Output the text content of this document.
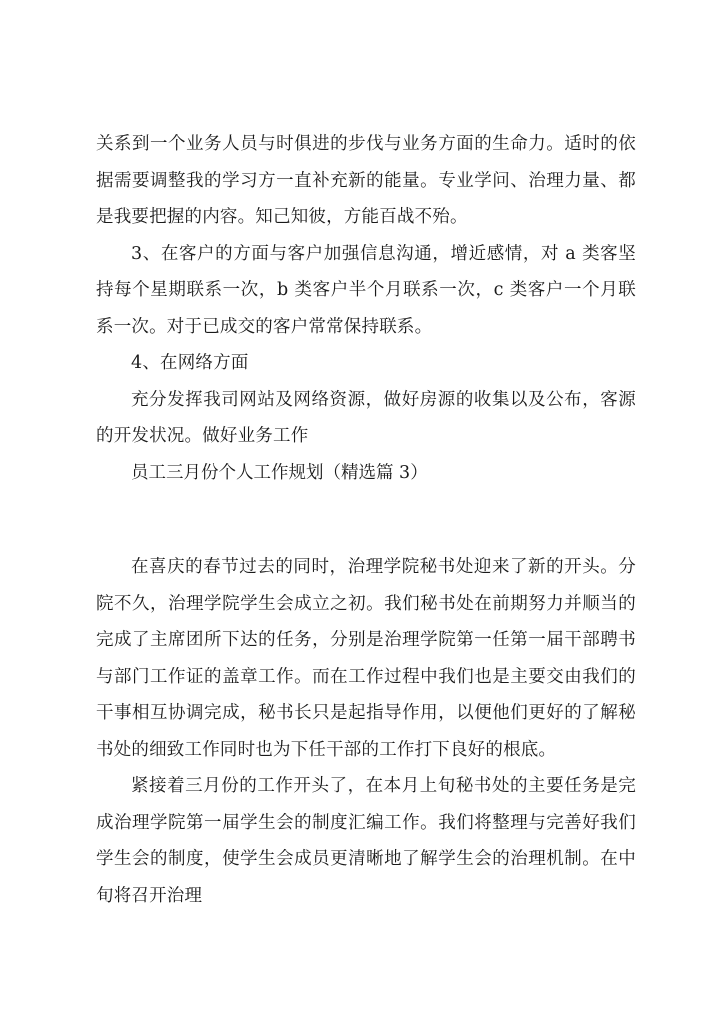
关系到一个业务人员与时俱进的步伐与业务方面的生命力。适时的依据需要调整我的学习方一直补充新的能量。专业学问、治理力量、都是我要把握的内容。知己知彼，方能百战不殆。

3、在客户的方面与客户加强信息沟通，增近感情，对 a 类客坚持每个星期联系一次，b 类客户半个月联系一次，c 类客户一个月联系一次。对于已成交的客户常常保持联系。

4、在网络方面

充分发挥我司网站及网络资源，做好房源的收集以及公布，客源的开发状况。做好业务工作

员工三月份个人工作规划（精选篇 3）

在喜庆的春节过去的同时，治理学院秘书处迎来了新的开头。分院不久，治理学院学生会成立之初。我们秘书处在前期努力并顺当的完成了主席团所下达的任务，分别是治理学院第一任第一届干部聘书与部门工作证的盖章工作。而在工作过程中我们也是主要交由我们的干事相互协调完成，秘书长只是起指导作用，以便他们更好的了解秘书处的细致工作同时也为下任干部的工作打下良好的根底。

紧接着三月份的工作开头了，在本月上旬秘书处的主要任务是完成治理学院第一届学生会的制度汇编工作。我们将整理与完善好我们学生会的制度，使学生会成员更清晰地了解学生会的治理机制。在中旬将召开治理
